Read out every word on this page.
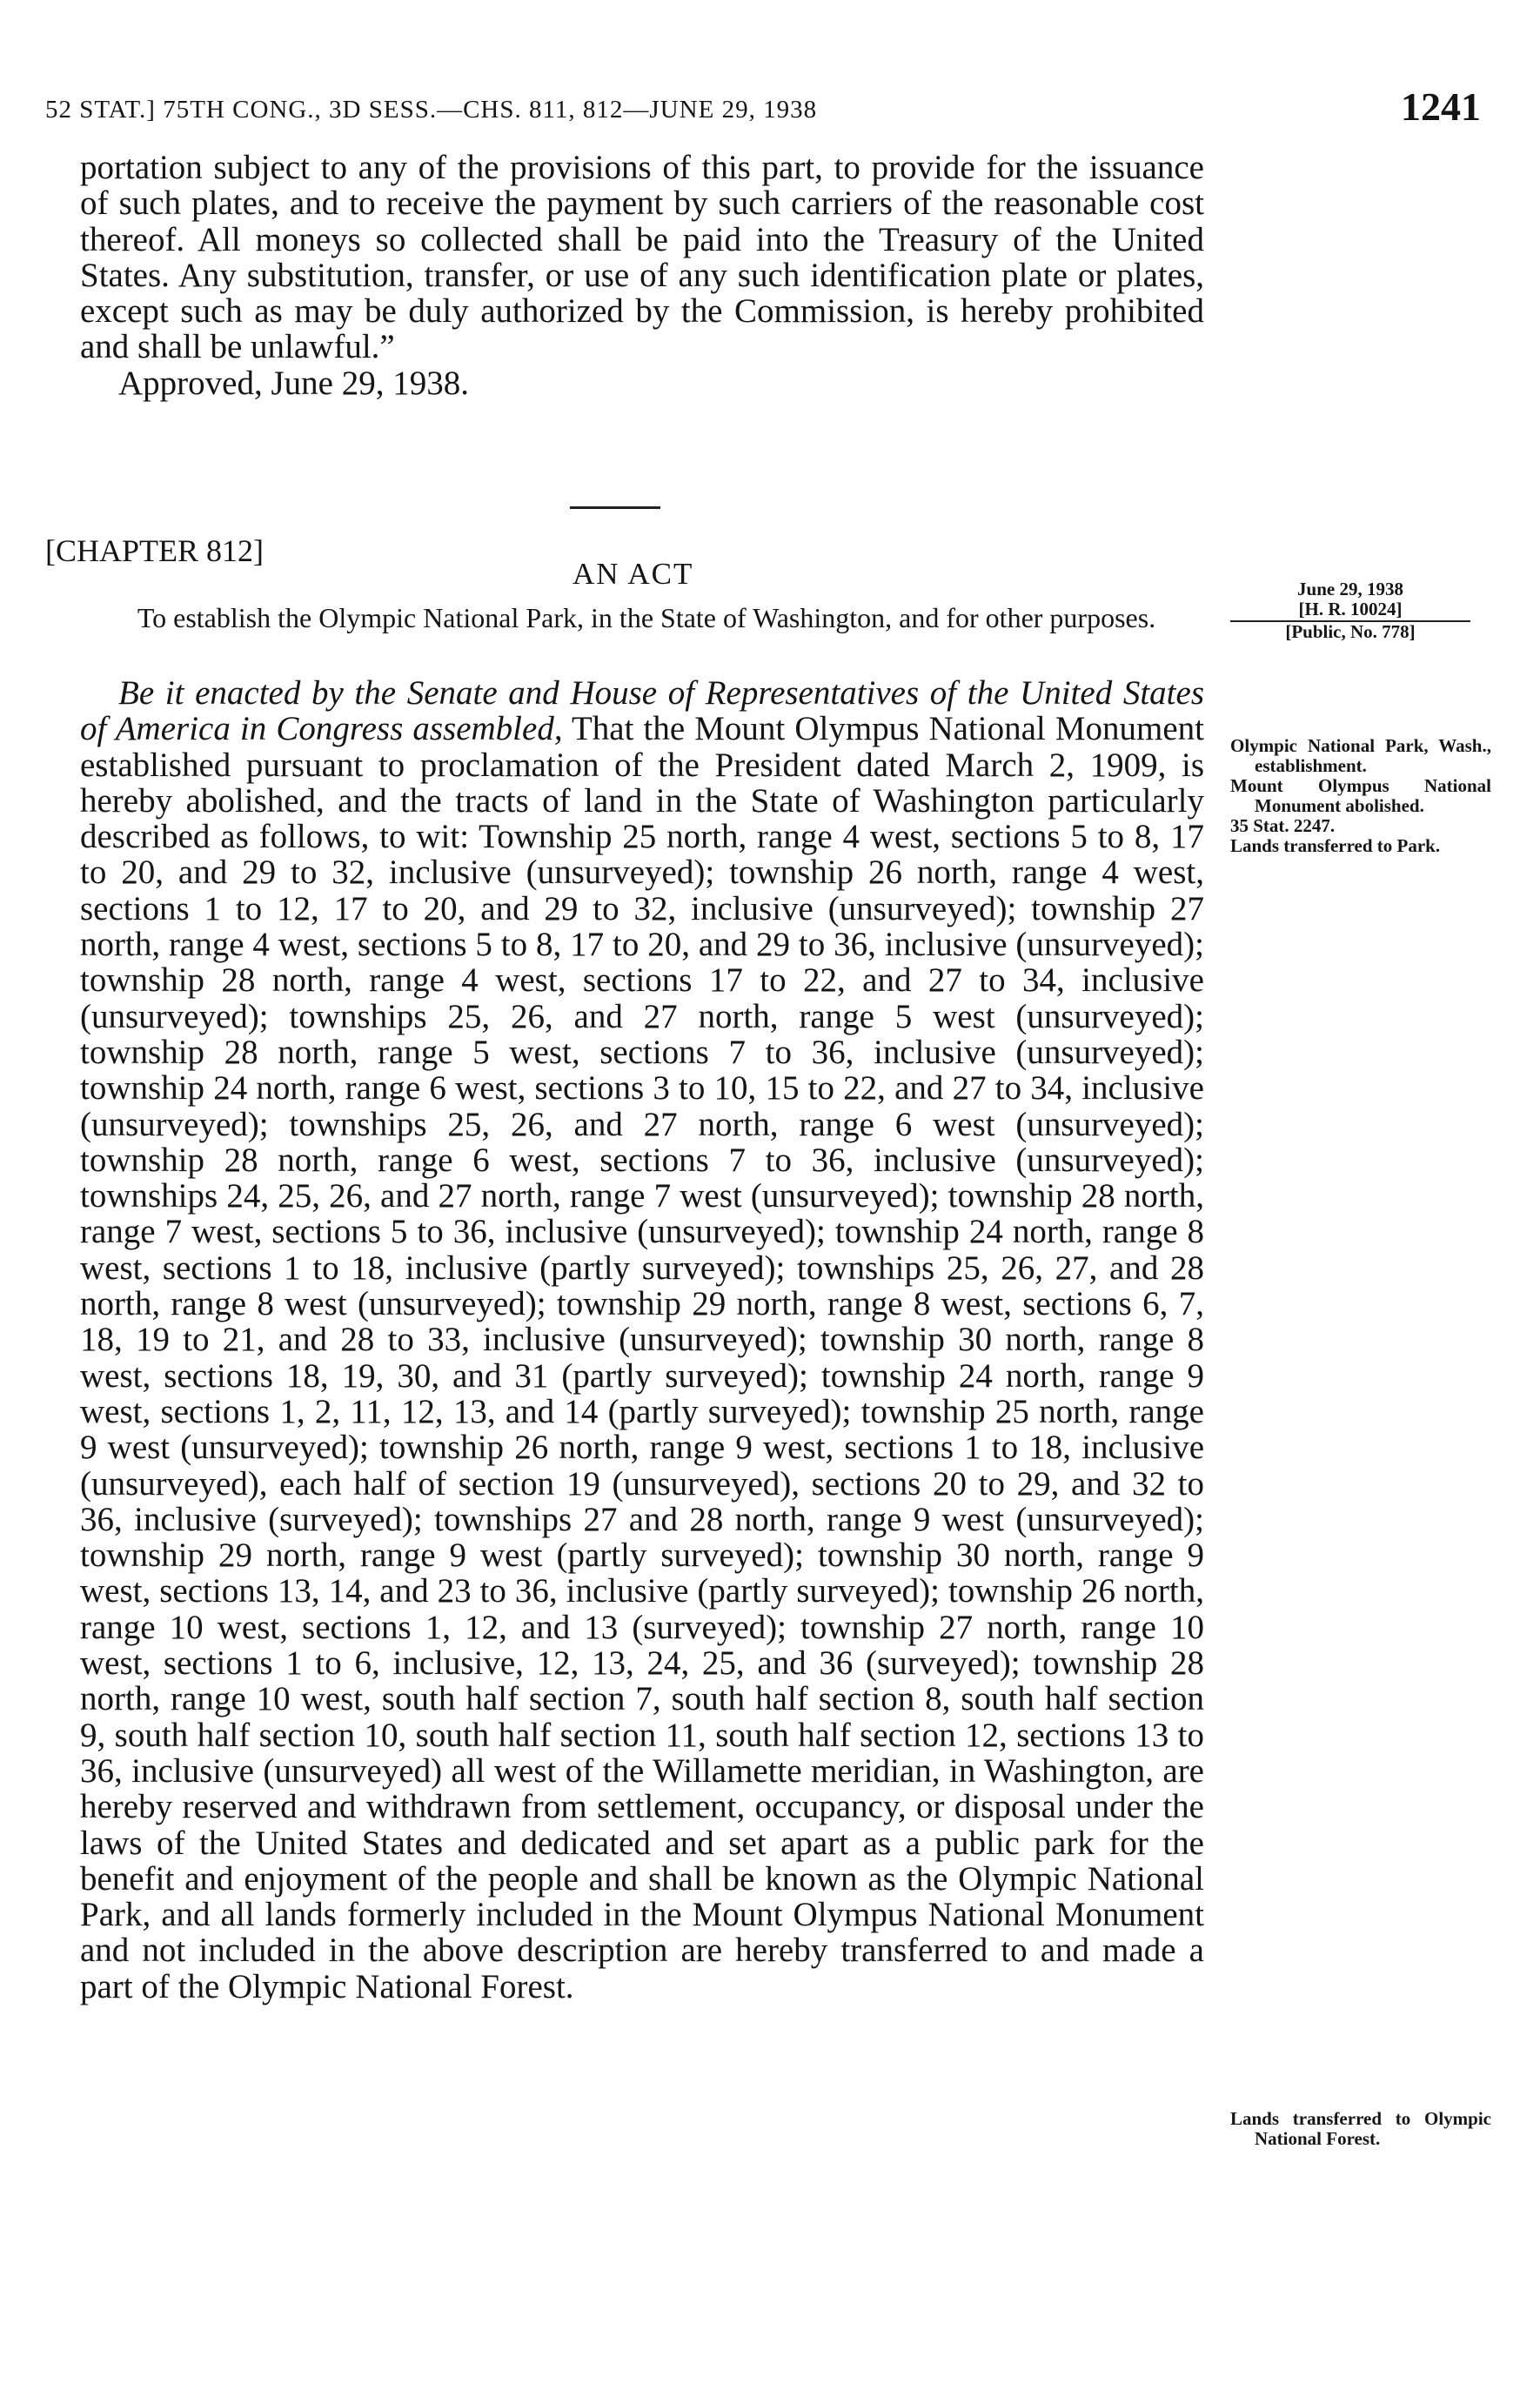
52 STAT.] 75TH CONG., 3D SESS.—CHS. 811, 812—JUNE 29, 1938	1241

portation subject to any of the provisions of this part, to provide for the issuance of such plates, and to receive the payment by such carriers of the reasonable cost thereof. All moneys so collected shall be paid into the Treasury of the United States. Any substitution, transfer, or use of any such identification plate or plates, except such as may be duly authorized by the Commission, is hereby prohibited and shall be unlawful.”

Approved, June 29, 1938.

[CHAPTER 812]
AN ACT
To establish the Olympic National Park, in the State of Washington, and for other purposes.
June 29, 1938
[H. R. 10024]
[Public, No. 778]

Be it enacted by the Senate and House of Representatives of the United States of America in Congress assembled, That the Mount Olympus National Monument established pursuant to proclamation of the President dated March 2, 1909, is hereby abolished, and the tracts of land in the State of Washington particularly described as follows, to wit: Township 25 north, range 4 west, sections 5 to 8, 17 to 20, and 29 to 32, inclusive (unsurveyed); township 26 north, range 4 west, sections 1 to 12, 17 to 20, and 29 to 32, inclusive (unsurveyed); township 27 north, range 4 west, sections 5 to 8, 17 to 20, and 29 to 36, inclusive (unsurveyed); township 28 north, range 4 west, sections 17 to 22, and 27 to 34, inclusive (unsurveyed); townships 25, 26, and 27 north, range 5 west (unsurveyed); township 28 north, range 5 west, sections 7 to 36, inclusive (unsurveyed); township 24 north, range 6 west, sections 3 to 10, 15 to 22, and 27 to 34, inclusive (unsurveyed); townships 25, 26, and 27 north, range 6 west (unsurveyed); township 28 north, range 6 west, sections 7 to 36, inclusive (unsurveyed); townships 24, 25, 26, and 27 north, range 7 west (unsurveyed); township 28 north, range 7 west, sections 5 to 36, inclusive (unsurveyed); township 24 north, range 8 west, sections 1 to 18, inclusive (partly surveyed); townships 25, 26, 27, and 28 north, range 8 west (unsurveyed); township 29 north, range 8 west, sections 6, 7, 18, 19 to 21, and 28 to 33, inclusive (unsurveyed); township 30 north, range 8 west, sections 18, 19, 30, and 31 (partly surveyed); township 24 north, range 9 west, sections 1, 2, 11, 12, 13, and 14 (partly surveyed); township 25 north, range 9 west (unsurveyed); township 26 north, range 9 west, sections 1 to 18, inclusive (unsurveyed), each half of section 19 (unsurveyed), sections 20 to 29, and 32 to 36, inclusive (surveyed); townships 27 and 28 north, range 9 west (unsurveyed); township 29 north, range 9 west (partly surveyed); township 30 north, range 9 west, sections 13, 14, and 23 to 36, inclusive (partly surveyed); township 26 north, range 10 west, sections 1, 12, and 13 (surveyed); township 27 north, range 10 west, sections 1 to 6, inclusive, 12, 13, 24, 25, and 36 (surveyed); township 28 north, range 10 west, south half section 7, south half section 8, south half section 9, south half section 10, south half section 11, south half section 12, sections 13 to 36, inclusive (unsurveyed) all west of the Willamette meridian, in Washington, are hereby reserved and withdrawn from settlement, occupancy, or disposal under the laws of the United States and dedicated and set apart as a public park for the benefit and enjoyment of the people and shall be known as the Olympic National Park, and all lands formerly included in the Mount Olympus National Monument and not included in the above description are hereby transferred to and made a part of the Olympic National Forest.

Olympic National Park, Wash., establishment.
Mount Olympus National Monument abolished.
35 Stat. 2247.
Lands transferred to Park.
Lands transferred to Olympic National Forest.
